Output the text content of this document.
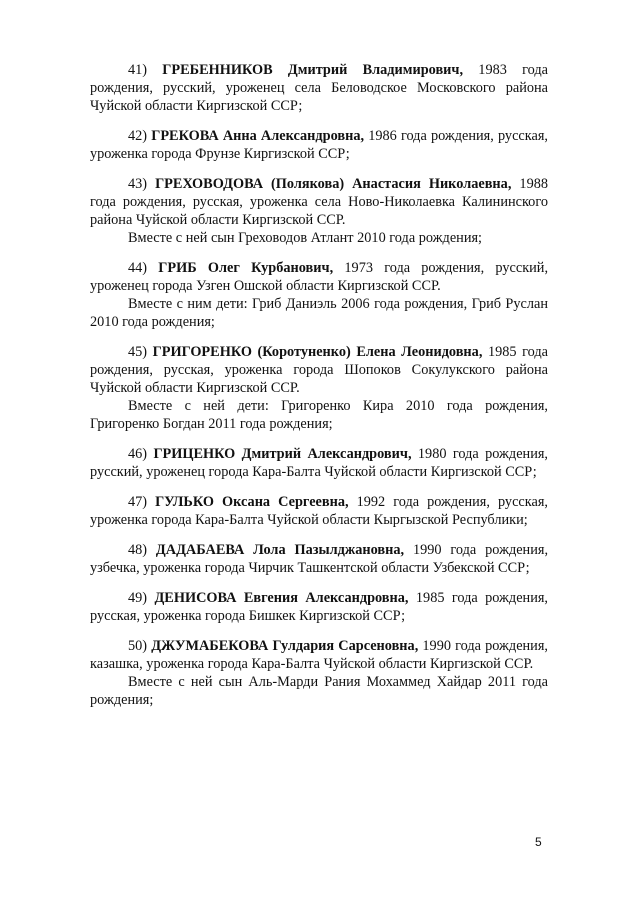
41) ГРЕБЕННИКОВ Дмитрий Владимирович, 1983 года рождения, русский, уроженец села Беловодское Московского района Чуйской области Киргизской ССР;

42) ГРЕКОВА Анна Александровна, 1986 года рождения, русская, уроженка города Фрунзе Киргизской ССР;

43) ГРЕХОВОДОВА (Полякова) Анастасия Николаевна, 1988 года рождения, русская, уроженка села Ново-Николаевка Калининского района Чуйской области Киргизской ССР.

Вместе с ней сын Греховодов Атлант 2010 года рождения;

44) ГРИБ Олег Курбанович, 1973 года рождения, русский, уроженец города Узген Ошской области Киргизской ССР.

Вместе с ним дети: Гриб Даниэль 2006 года рождения, Гриб Руслан 2010 года рождения;

45) ГРИГОРЕНКО (Коротуненко) Елена Леонидовна, 1985 года рождения, русская, уроженка города Шопоков Сокулукского района Чуйской области Киргизской ССР.

Вместе с ней дети: Григоренко Кира 2010 года рождения, Григоренко Богдан 2011 года рождения;

46) ГРИЦЕНКО Дмитрий Александрович, 1980 года рождения, русский, уроженец города Кара-Балта Чуйской области Киргизской ССР;

47) ГУЛЬКО Оксана Сергеевна, 1992 года рождения, русская, уроженка города Кара-Балта Чуйской области Кыргызской Республики;

48) ДАДАБАЕВА Лола Пазылджановна, 1990 года рождения, узбечка, уроженка города Чирчик Ташкентской области Узбекской ССР;

49) ДЕНИСОВА Евгения Александровна, 1985 года рождения, русская, уроженка города Бишкек Киргизской ССР;

50) ДЖУМАБЕКОВА Гулдария Сарсеновна, 1990 года рождения, казашка, уроженка города Кара-Балта Чуйской области Киргизской ССР.

Вместе с ней сын Аль-Марди Рания Мохаммед Хайдар 2011 года рождения;

5
